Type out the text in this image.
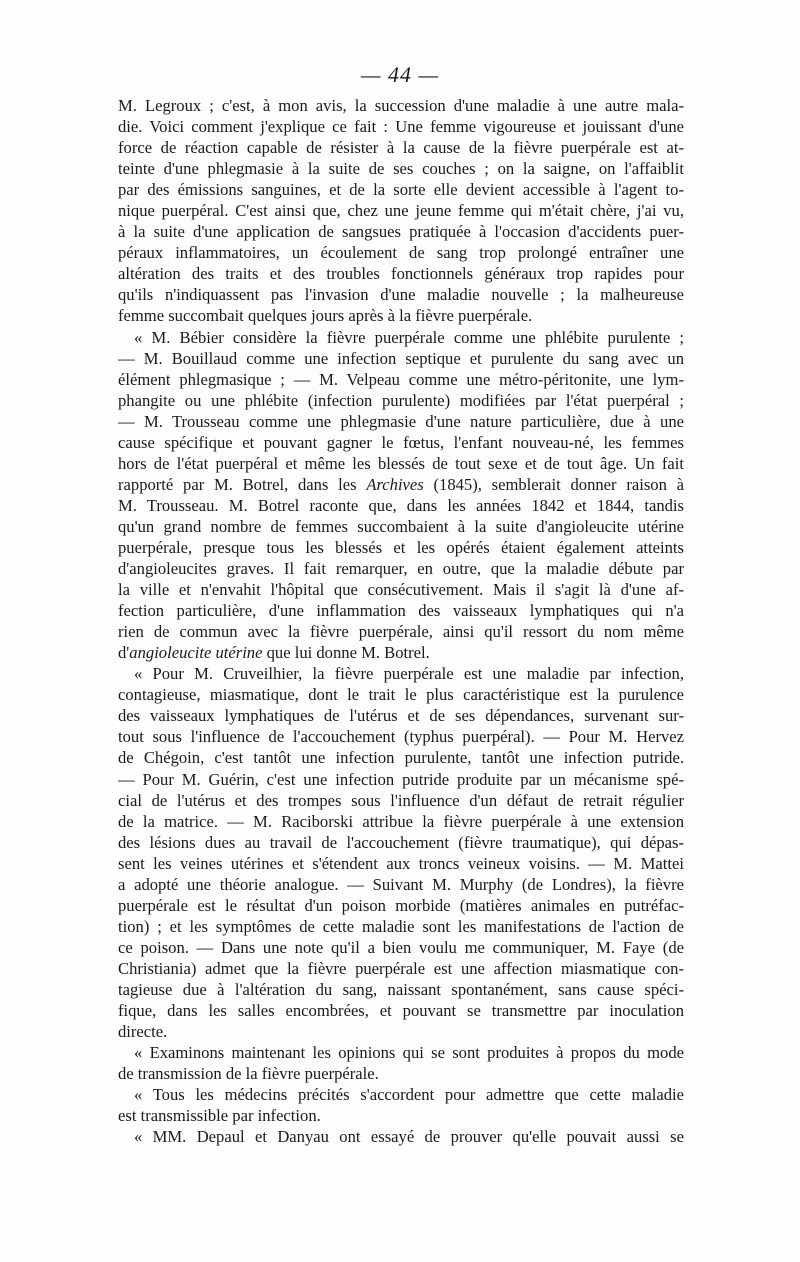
— 44 —
M. Legroux ; c'est, à mon avis, la succession d'une maladie à une autre mala-
die. Voici comment j'explique ce fait : Une femme vigoureuse et jouissant d'une
force de réaction capable de résister à la cause de la fièvre puerpérale est at-
teinte d'une phlegmasie à la suite de ses couches ; on la saigne, on l'affaiblit
par des émissions sanguines, et de la sorte elle devient accessible à l'agent to-
nique puerpéral. C'est ainsi que, chez une jeune femme qui m'était chère, j'ai vu,
à la suite d'une application de sangsues pratiquée à l'occasion d'accidents puer-
péraux inflammatoires, un écoulement de sang trop prolongé entraîner une
altération des traits et des troubles fonctionnels généraux trop rapides pour
qu'ils n'indiquassent pas l'invasion d'une maladie nouvelle ; la malheureuse
femme succombait quelques jours après à la fièvre puerpérale.
« M. Bébier considère la fièvre puerpérale comme une phlébite purulente ;
— M. Bouillaud comme une infection septique et purulente du sang avec un
élément phlegmasique ; — M. Velpeau comme une métro-péritonite, une lym-
phangite ou une phlébite (infection purulente) modifiées par l'état puerpéral ;
— M. Trousseau comme une phlegmasie d'une nature particulière, due à une
cause spécifique et pouvant gagner le fœtus, l'enfant nouveau-né, les femmes
hors de l'état puerpéral et même les blessés de tout sexe et de tout âge. Un fait
rapporté par M. Botrel, dans les Archives (1845), semblerait donner raison à
M. Trousseau. M. Botrel raconte que, dans les années 1842 et 1844, tandis
qu'un grand nombre de femmes succombaient à la suite d'angioleucite utérine
puerpérale, presque tous les blessés et les opérés étaient également atteints
d'angioleucites graves. Il fait remarquer, en outre, que la maladie débute par
la ville et n'envahit l'hôpital que consécutivement. Mais il s'agit là d'une af-
fection particulière, d'une inflammation des vaisseaux lymphatiques qui n'a
rien de commun avec la fièvre puerpérale, ainsi qu'il ressort du nom même
d'angioleucite utérine que lui donne M. Botrel.
« Pour M. Cruveilhier, la fièvre puerpérale est une maladie par infection,
contagieuse, miasmatique, dont le trait le plus caractéristique est la purulence
des vaisseaux lymphatiques de l'utérus et de ses dépendances, survenant sur-
tout sous l'influence de l'accouchement (typhus puerpéral). — Pour M. Hervez
de Chégoin, c'est tantôt une infection purulente, tantôt une infection putride.
— Pour M. Guérin, c'est une infection putride produite par un mécanisme spé-
cial de l'utérus et des trompes sous l'influence d'un défaut de retrait régulier
de la matrice. — M. Raciborski attribue la fièvre puerpérale à une extension
des lésions dues au travail de l'accouchement (fièvre traumatique), qui dépas-
sent les veines utérines et s'étendent aux troncs veineux voisins. — M. Mattei
a adopté une théorie analogue. — Suivant M. Murphy (de Londres), la fièvre
puerpérale est le résultat d'un poison morbide (matières animales en putréfac-
tion) ; et les symptômes de cette maladie sont les manifestations de l'action de
ce poison. — Dans une note qu'il a bien voulu me communiquer, M. Faye (de
Christiania) admet que la fièvre puerpérale est une affection miasmatique con-
tagieuse due à l'altération du sang, naissant spontanément, sans cause spéci-
fique, dans les salles encombrées, et pouvant se transmettre par inoculation
directe.
« Examinons maintenant les opinions qui se sont produites à propos du mode
de transmission de la fièvre puerpérale.
« Tous les médecins précités s'accordent pour admettre que cette maladie
est transmissible par infection.
« MM. Depaul et Danyau ont essayé de prouver qu'elle pouvait aussi se
